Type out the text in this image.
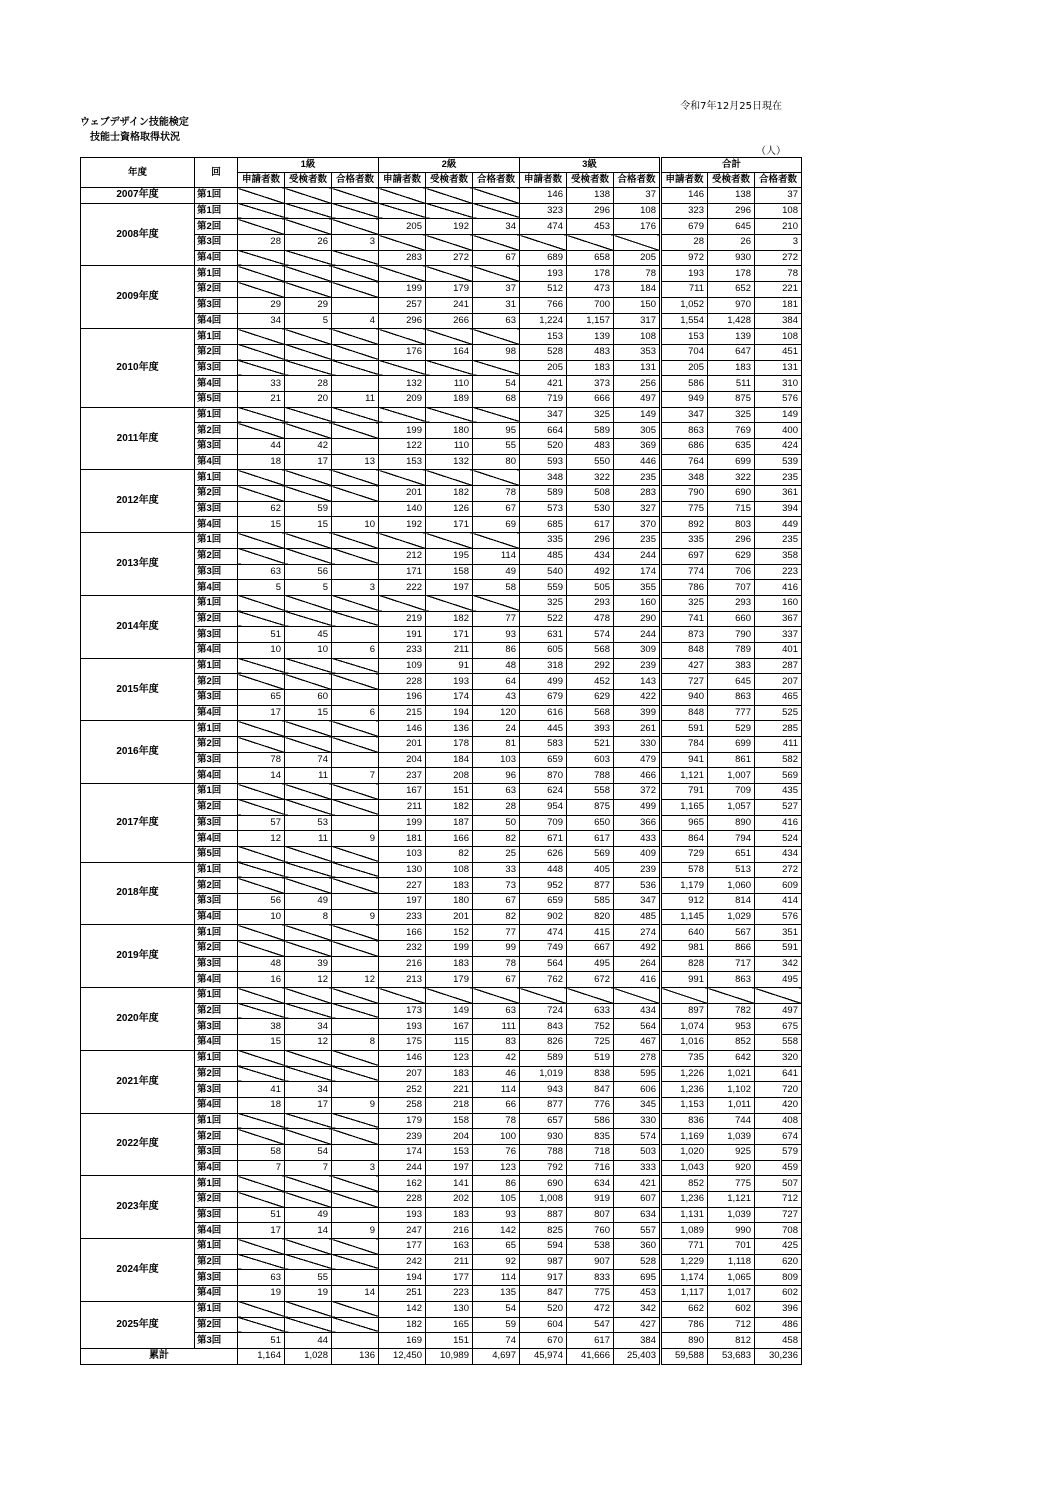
令和7年12月25日現在
ウェブデザイン技能検定
技能士資格取得状況
（人）
年度	回	1級			2級			3級			合計		
		申請者数	受検者数	合格者数	申請者数	受検者数	合格者数	申請者数	受検者数	合格者数	申請者数	受検者数	合格者数
2007年度	第1回							146	138	37	146	138	37
2008年度	第1回							323	296	108	323	296	108
	第2回				205	192	34	474	453	176	679	645	210
	第3回	28	26	3							28	26	3
	第4回				283	272	67	689	658	205	972	930	272
2009年度	第1回							193	178	78	193	178	78
	第2回				199	179	37	512	473	184	711	652	221
	第3回	29	29		257	241	31	766	700	150	1,052	970	181
	第4回	34	5	4	296	266	63	1,224	1,157	317	1,554	1,428	384
2010年度	第1回							153	139	108	153	139	108
	第2回				176	164	98	528	483	353	704	647	451
	第3回							205	183	131	205	183	131
	第4回	33	28		132	110	54	421	373	256	586	511	310
	第5回	21	20	11	209	189	68	719	666	497	949	875	576
2011年度	第1回							347	325	149	347	325	149
	第2回				199	180	95	664	589	305	863	769	400
	第3回	44	42		122	110	55	520	483	369	686	635	424
	第4回	18	17	13	153	132	80	593	550	446	764	699	539
2012年度	第1回							348	322	235	348	322	235
	第2回				201	182	78	589	508	283	790	690	361
	第3回	62	59		140	126	67	573	530	327	775	715	394
	第4回	15	15	10	192	171	69	685	617	370	892	803	449
2013年度	第1回							335	296	235	335	296	235
	第2回				212	195	114	485	434	244	697	629	358
	第3回	63	56		171	158	49	540	492	174	774	706	223
	第4回	5	5	3	222	197	58	559	505	355	786	707	416
2014年度	第1回							325	293	160	325	293	160
	第2回				219	182	77	522	478	290	741	660	367
	第3回	51	45		191	171	93	631	574	244	873	790	337
	第4回	10	10	6	233	211	86	605	568	309	848	789	401
2015年度	第1回				109	91	48	318	292	239	427	383	287
	第2回				228	193	64	499	452	143	727	645	207
	第3回	65	60		196	174	43	679	629	422	940	863	465
	第4回	17	15	6	215	194	120	616	568	399	848	777	525
2016年度	第1回				146	136	24	445	393	261	591	529	285
	第2回				201	178	81	583	521	330	784	699	411
	第3回	78	74		204	184	103	659	603	479	941	861	582
	第4回	14	11	7	237	208	96	870	788	466	1,121	1,007	569
2017年度	第1回				167	151	63	624	558	372	791	709	435
	第2回				211	182	28	954	875	499	1,165	1,057	527
	第3回	57	53		199	187	50	709	650	366	965	890	416
	第4回	12	11	9	181	166	82	671	617	433	864	794	524
	第5回				103	82	25	626	569	409	729	651	434
2018年度	第1回				130	108	33	448	405	239	578	513	272
	第2回				227	183	73	952	877	536	1,179	1,060	609
	第3回	56	49		197	180	67	659	585	347	912	814	414
	第4回	10	8	9	233	201	82	902	820	485	1,145	1,029	576
2019年度	第1回				166	152	77	474	415	274	640	567	351
	第2回				232	199	99	749	667	492	981	866	591
	第3回	48	39		216	183	78	564	495	264	828	717	342
	第4回	16	12	12	213	179	67	762	672	416	991	863	495
2020年度	第1回												
	第2回				173	149	63	724	633	434	897	782	497
	第3回	38	34		193	167	111	843	752	564	1,074	953	675
	第4回	15	12	8	175	115	83	826	725	467	1,016	852	558
2021年度	第1回				146	123	42	589	519	278	735	642	320
	第2回				207	183	46	1,019	838	595	1,226	1,021	641
	第3回	41	34		252	221	114	943	847	606	1,236	1,102	720
	第4回	18	17	9	258	218	66	877	776	345	1,153	1,011	420
2022年度	第1回				179	158	78	657	586	330	836	744	408
	第2回				239	204	100	930	835	574	1,169	1,039	674
	第3回	58	54		174	153	76	788	718	503	1,020	925	579
	第4回	7	7	3	244	197	123	792	716	333	1,043	920	459
2023年度	第1回				162	141	86	690	634	421	852	775	507
	第2回				228	202	105	1,008	919	607	1,236	1,121	712
	第3回	51	49		193	183	93	887	807	634	1,131	1,039	727
	第4回	17	14	9	247	216	142	825	760	557	1,089	990	708
2024年度	第1回				177	163	65	594	538	360	771	701	425
	第2回				242	211	92	987	907	528	1,229	1,118	620
	第3回	63	55		194	177	114	917	833	695	1,174	1,065	809
	第4回	19	19	14	251	223	135	847	775	453	1,117	1,017	602
2025年度	第1回				142	130	54	520	472	342	662	602	396
	第2回				182	165	59	604	547	427	786	712	486
	第3回	51	44		169	151	74	670	617	384	890	812	458
累計		1,164	1,028	136	12,450	10,989	4,697	45,974	41,666	25,403	59,588	53,683	30,236
